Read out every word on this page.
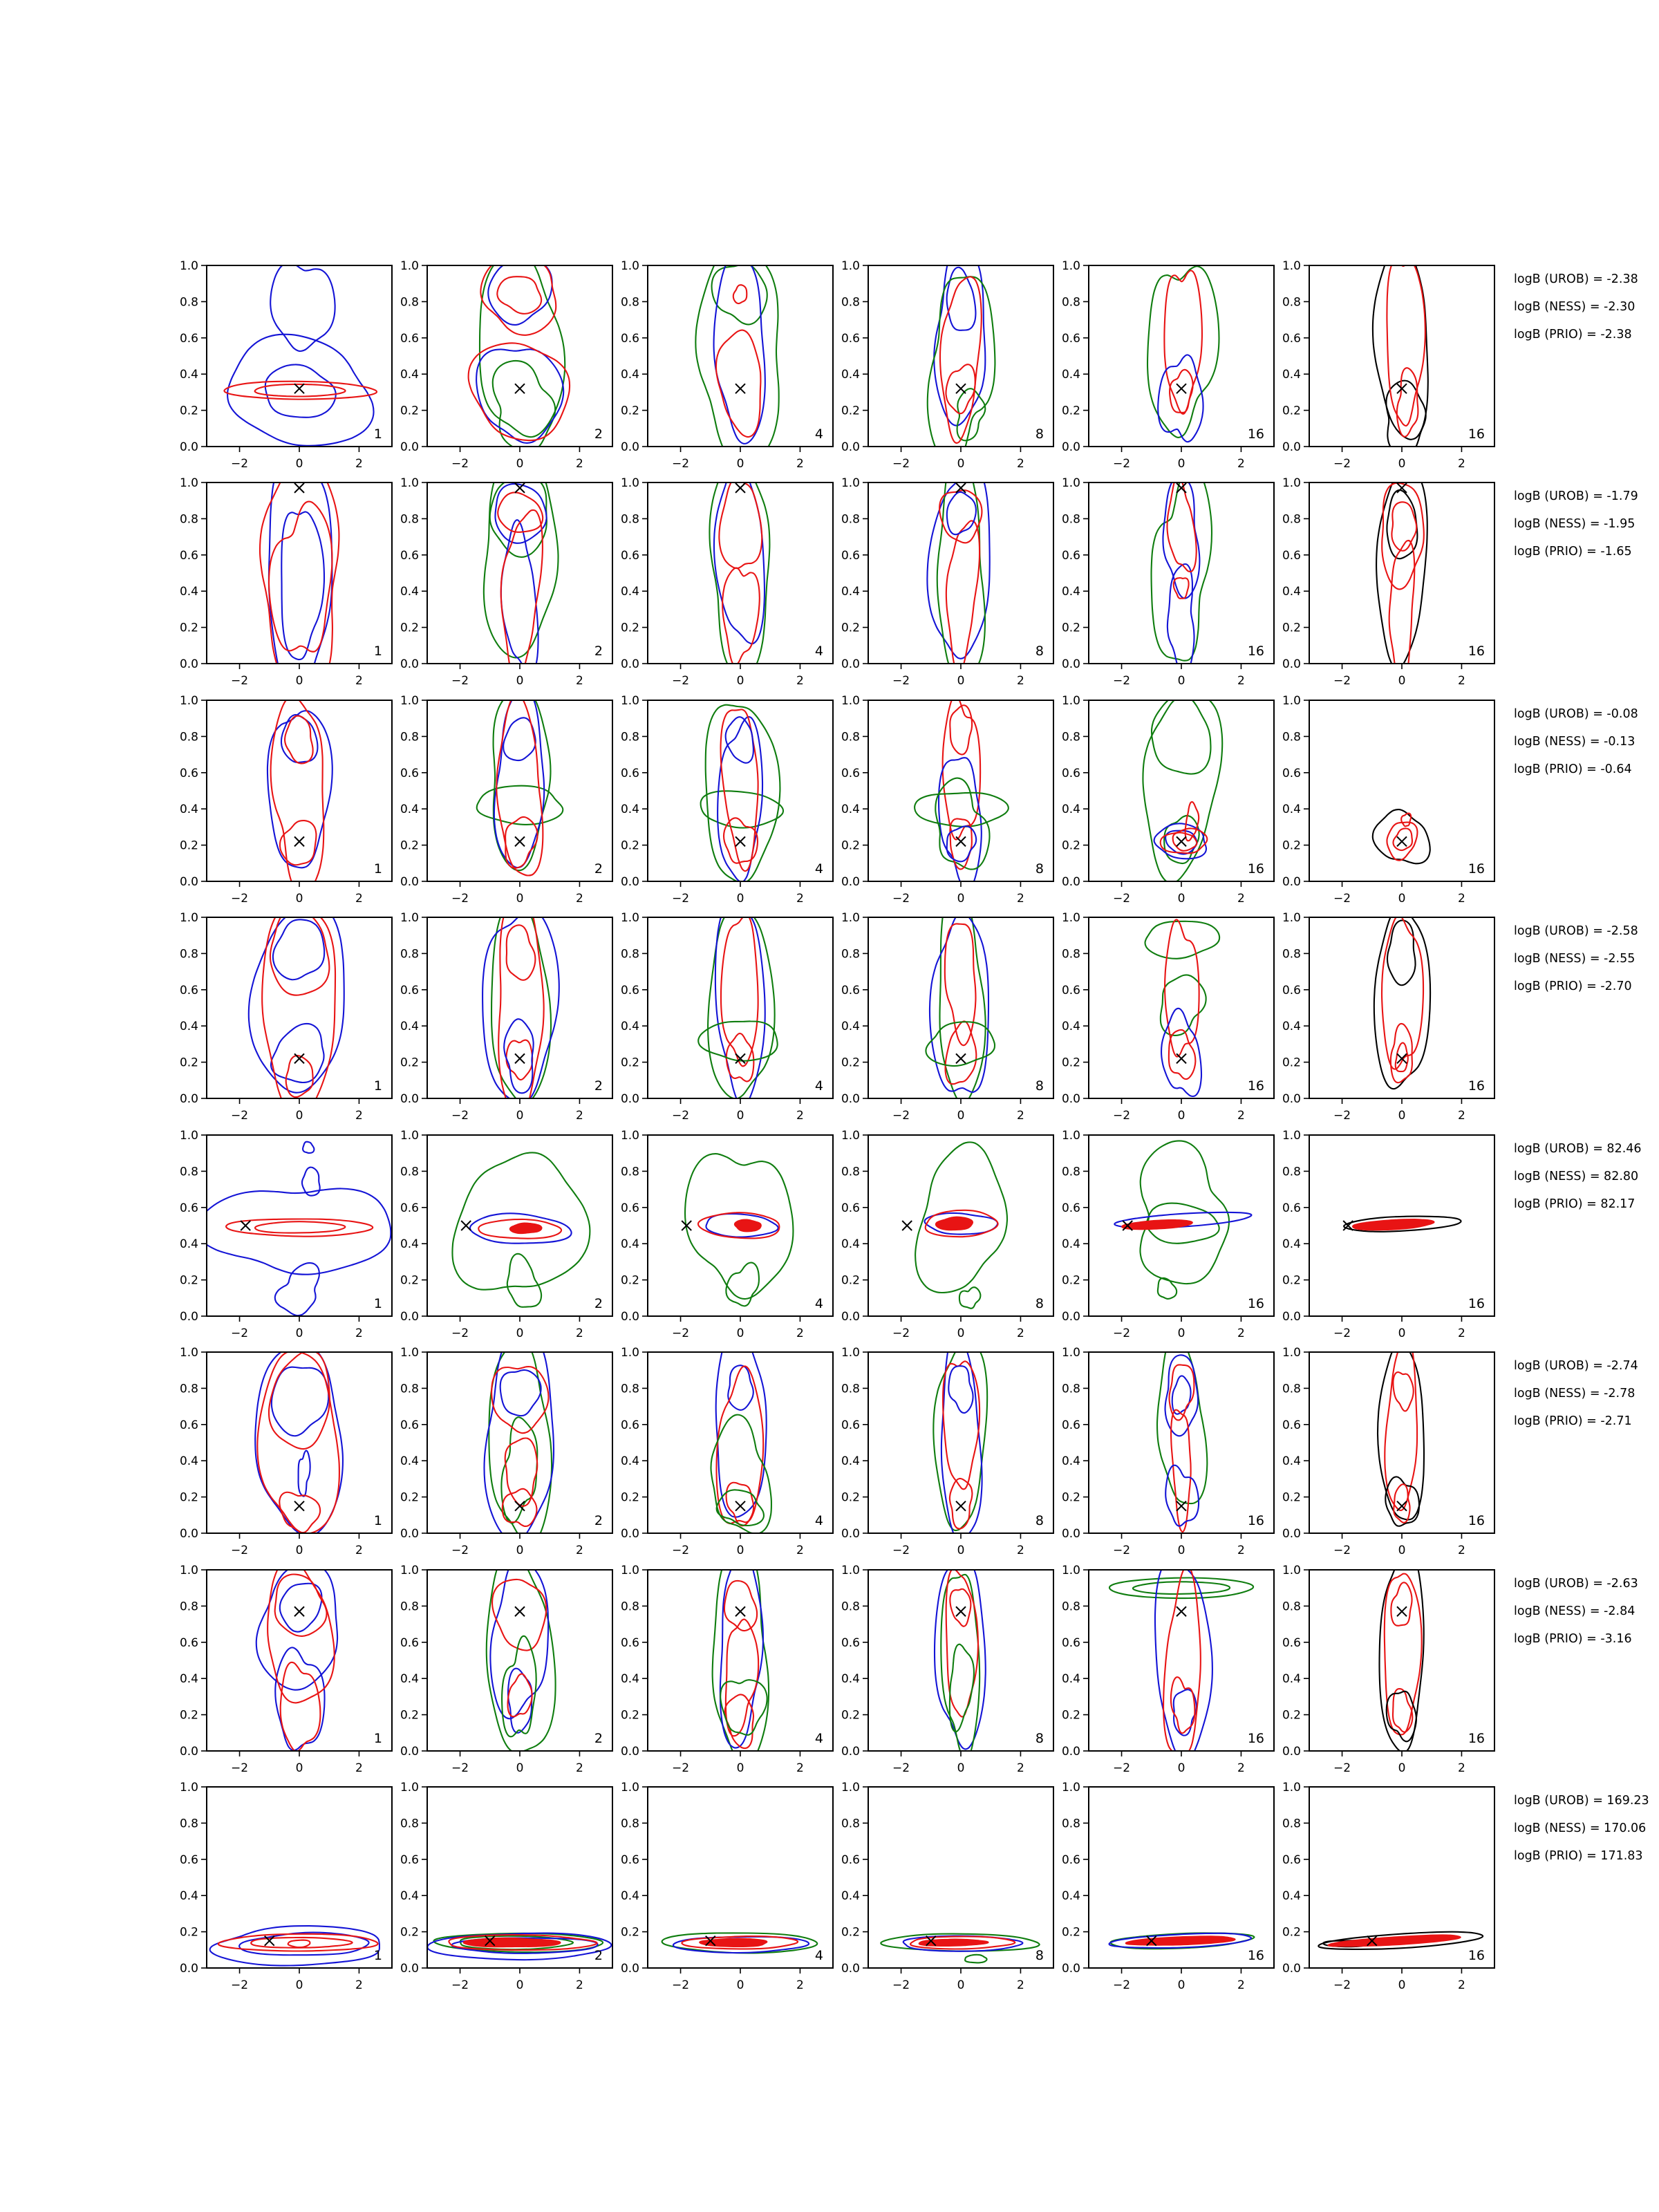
−2	0	2
0.0
0.2
0.4
0.6
0.8
1.0
1
−2	0	2
0.0
0.2
0.4
0.6
0.8
1.0
2
−2	0	2
0.0
0.2
0.4
0.6
0.8
1.0
4
−2	0	2
0.0
0.2
0.4
0.6
0.8
1.0
8
−2	0	2
0.0
0.2
0.4
0.6
0.8
1.0
16
−2	0	2
0.0
0.2
0.4
0.6
0.8
1.0
16
−2	0	2
0.0
0.2
0.4
0.6
0.8
1.0
1
−2	0	2
0.0
0.2
0.4
0.6
0.8
1.0
2
−2	0	2
0.0
0.2
0.4
0.6
0.8
1.0
4
−2	0	2
0.0
0.2
0.4
0.6
0.8
1.0
8
−2	0	2
0.0
0.2
0.4
0.6
0.8
1.0
16
−2	0	2
0.0
0.2
0.4
0.6
0.8
1.0
16
−2	0	2
0.0
0.2
0.4
0.6
0.8
1.0
1
−2	0	2
0.0
0.2
0.4
0.6
0.8
1.0
2
−2	0	2
0.0
0.2
0.4
0.6
0.8
1.0
4
−2	0	2
0.0
0.2
0.4
0.6
0.8
1.0
8
−2	0	2
0.0
0.2
0.4
0.6
0.8
1.0
16
−2	0	2
0.0
0.2
0.4
0.6
0.8
1.0
16
−2	0	2
0.0
0.2
0.4
0.6
0.8
1.0
1
−2	0	2
0.0
0.2
0.4
0.6
0.8
1.0
2
−2	0	2
0.0
0.2
0.4
0.6
0.8
1.0
4
−2	0	2
0.0
0.2
0.4
0.6
0.8
1.0
8
−2	0	2
0.0
0.2
0.4
0.6
0.8
1.0
16
−2	0	2
0.0
0.2
0.4
0.6
0.8
1.0
16
−2	0	2
0.0
0.2
0.4
0.6
0.8
1.0
1
−2	0	2
0.0
0.2
0.4
0.6
0.8
1.0
2
−2	0	2
0.0
0.2
0.4
0.6
0.8
1.0
4
−2	0	2
0.0
0.2
0.4
0.6
0.8
1.0
8
−2	0	2
0.0
0.2
0.4
0.6
0.8
1.0
16
−2	0	2
0.0
0.2
0.4
0.6
0.8
1.0
16
−2	0	2
0.0
0.2
0.4
0.6
0.8
1.0
1
−2	0	2
0.0
0.2
0.4
0.6
0.8
1.0
2
−2	0	2
0.0
0.2
0.4
0.6
0.8
1.0
4
−2	0	2
0.0
0.2
0.4
0.6
0.8
1.0
8
−2	0	2
0.0
0.2
0.4
0.6
0.8
1.0
16
−2	0	2
0.0
0.2
0.4
0.6
0.8
1.0
16
−2	0	2
0.0
0.2
0.4
0.6
0.8
1.0
1
−2	0	2
0.0
0.2
0.4
0.6
0.8
1.0
2
−2	0	2
0.0
0.2
0.4
0.6
0.8
1.0
4
−2	0	2
0.0
0.2
0.4
0.6
0.8
1.0
8
−2	0	2
0.0
0.2
0.4
0.6
0.8
1.0
16
−2	0	2
0.0
0.2
0.4
0.6
0.8
1.0
16
−2	0	2
0.0
0.2
0.4
0.6
0.8
1.0
1
−2	0	2
0.0
0.2
0.4
0.6
0.8
1.0
2
−2	0	2
0.0
0.2
0.4
0.6
0.8
1.0
4
−2	0	2
0.0
0.2
0.4
0.6
0.8
1.0
8
−2	0	2
0.0
0.2
0.4
0.6
0.8
1.0
16
−2	0	2
0.0
0.2
0.4
0.6
0.8
1.0
16
logB (UROB) = -2.38
logB (NESS) = -2.30
logB (PRIO) = -2.38
logB (UROB) = -1.79
logB (NESS) = -1.95
logB (PRIO) = -1.65
logB (UROB) = -0.08
logB (NESS) = -0.13
logB (PRIO) = -0.64
logB (UROB) = -2.58
logB (NESS) = -2.55
logB (PRIO) = -2.70
logB (UROB) = 82.46
logB (NESS) = 82.80
logB (PRIO) = 82.17
logB (UROB) = -2.74
logB (NESS) = -2.78
logB (PRIO) = -2.71
logB (UROB) = -2.63
logB (NESS) = -2.84
logB (PRIO) = -3.16
logB (UROB) = 169.23
logB (NESS) = 170.06
logB (PRIO) = 171.83
